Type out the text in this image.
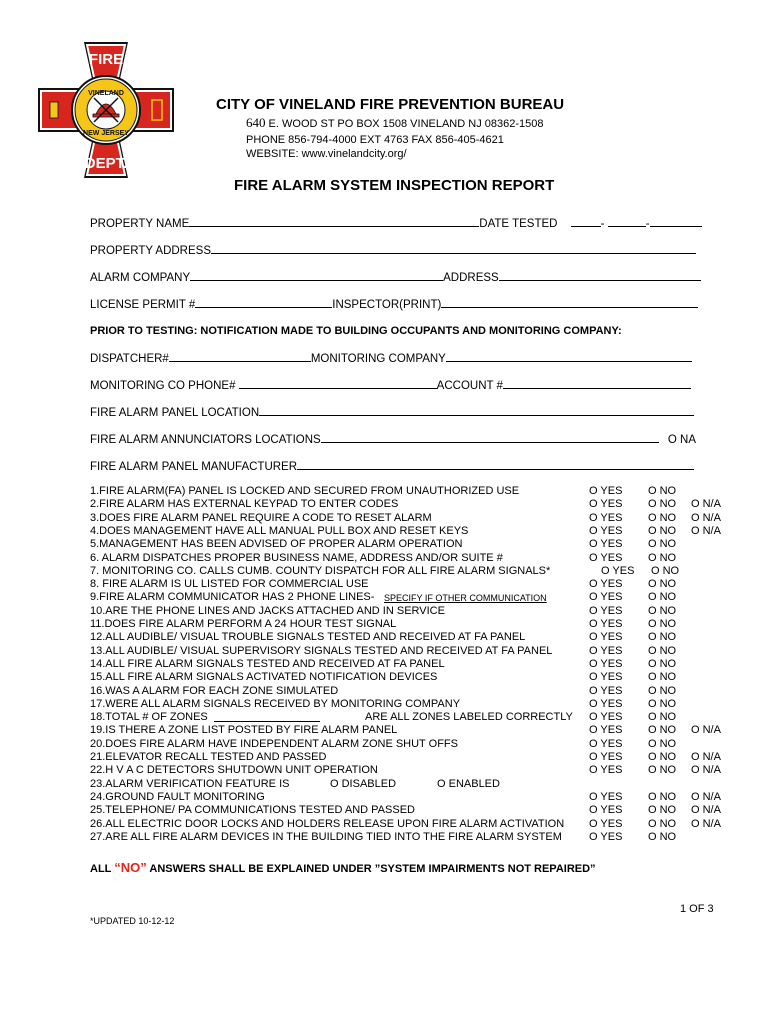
FIRE
VINELAND
NEW JERSEY
DEPT.
CITY OF VINELAND FIRE PREVENTION BUREAU
640 E. WOOD ST PO BOX 1508 VINELAND NJ 08362-1508
PHONE 856-794-4000 EXT 4763 FAX 856-405-4621
WEBSITE: www.vinelandcity.org/
FIRE ALARM SYSTEM INSPECTION REPORT
PROPERTY NAME	DATE TESTED	-	-
PROPERTY ADDRESS
ALARM COMPANY	ADDRESS
LICENSE PERMIT #	INSPECTOR(PRINT)
PRIOR TO TESTING: NOTIFICATION MADE TO BUILDING OCCUPANTS AND MONITORING COMPANY:
DISPATCHER#	MONITORING COMPANY
MONITORING CO PHONE#	ACCOUNT #
FIRE ALARM PANEL LOCATION
FIRE ALARM ANNUNCIATORS LOCATIONS	O NA
FIRE ALARM PANEL MANUFACTURER
1.FIRE ALARM(FA) PANEL IS LOCKED AND SECURED FROM UNAUTHORIZED USE	O YES O NO
2.FIRE ALARM HAS EXTERNAL KEYPAD TO ENTER CODES	O YES O NO O N/A
3.DOES FIRE ALARM PANEL REQUIRE A CODE TO RESET ALARM	O YES O NO O N/A
4.DOES MANAGEMENT HAVE ALL MANUAL PULL BOX AND RESET KEYS	O YES O NO O N/A
5.MANAGEMENT HAS BEEN ADVISED OF PROPER ALARM OPERATION	O YES O NO
6. ALARM DISPATCHES PROPER BUSINESS NAME, ADDRESS AND/OR SUITE #	O YES O NO
7. MONITORING CO. CALLS CUMB. COUNTY DISPATCH FOR ALL FIRE ALARM SIGNALS*	O YES O NO
8. FIRE ALARM IS UL LISTED FOR COMMERCIAL USE	O YES O NO
9.FIRE ALARM COMMUNICATOR HAS 2 PHONE LINES- SPECIFY IF OTHER COMMUNICATION	O YES O NO
10.ARE THE PHONE LINES AND JACKS ATTACHED AND IN SERVICE	O YES O NO
11.DOES FIRE ALARM PERFORM A 24 HOUR TEST SIGNAL	O YES O NO
12.ALL AUDIBLE/ VISUAL TROUBLE SIGNALS TESTED AND RECEIVED AT FA PANEL	O YES O NO
13.ALL AUDIBLE/ VISUAL SUPERVISORY SIGNALS TESTED AND RECEIVED AT FA PANEL	O YES O NO
14.ALL FIRE ALARM SIGNALS TESTED AND RECEIVED AT FA PANEL	O YES O NO
15.ALL FIRE ALARM SIGNALS ACTIVATED NOTIFICATION DEVICES	O YES O NO
16.WAS A ALARM FOR EACH ZONE SIMULATED	O YES O NO
17.WERE ALL ALARM SIGNALS RECEIVED BY MONITORING COMPANY	O YES O NO
18.TOTAL # OF ZONES	ARE ALL ZONES LABELED CORRECTLY O YES O NO
19.IS THERE A ZONE LIST POSTED BY FIRE ALARM PANEL	O YES O NO O N/A
20.DOES FIRE ALARM HAVE INDEPENDENT ALARM ZONE SHUT OFFS	O YES O NO
21.ELEVATOR RECALL TESTED AND PASSED	O YES O NO O N/A
22.H V A C DETECTORS SHUTDOWN UNIT OPERATION	O YES O NO O N/A
23.ALARM VERIFICATION FEATURE IS	O DISABLED	O ENABLED
24.GROUND FAULT MONITORING	O YES O NO O N/A
25.TELEPHONE/ PA COMMUNICATIONS TESTED AND PASSED	O YES O NO O N/A
26.ALL ELECTRIC DOOR LOCKS AND HOLDERS RELEASE UPON FIRE ALARM ACTIVATION O YES O NO O N/A
27.ARE ALL FIRE ALARM DEVICES IN THE BUILDING TIED INTO THE FIRE ALARM SYSTEM O YES O NO
ALL “NO” ANSWERS SHALL BE EXPLAINED UNDER ”SYSTEM IMPAIRMENTS NOT REPAIRED”
1 OF 3
*UPDATED 10-12-12
